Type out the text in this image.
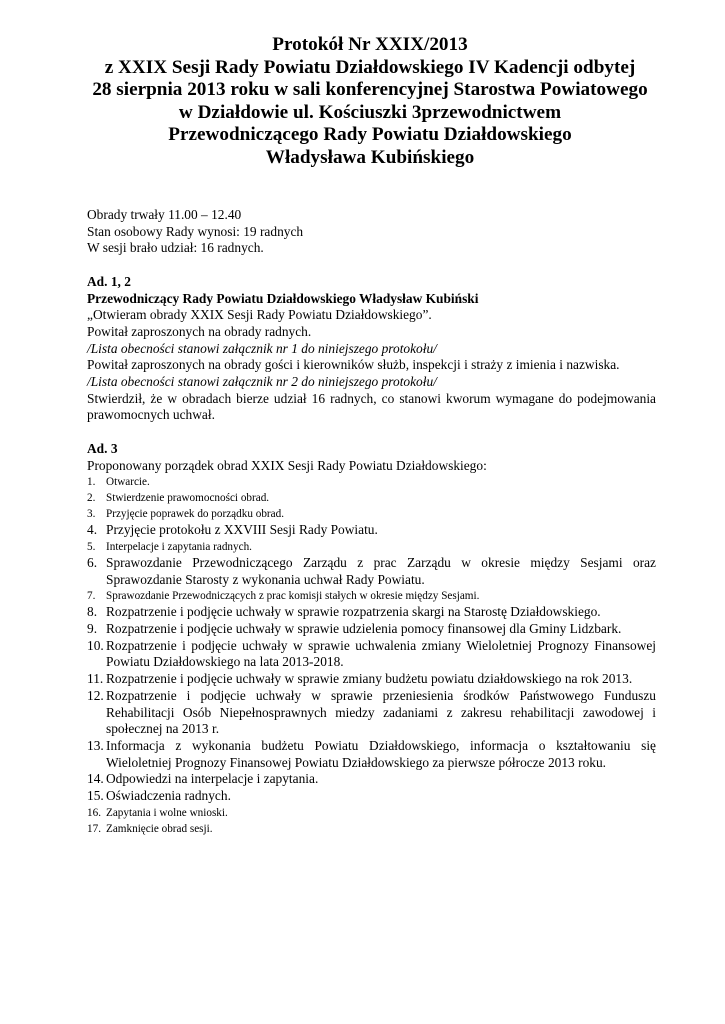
Protokół Nr XXIX/2013
z XXIX Sesji Rady Powiatu Działdowskiego IV Kadencji odbytej
28 sierpnia 2013 roku w sali konferencyjnej Starostwa Powiatowego
w Działdowie ul. Kościuszki 3przewodnictwem
Przewodniczącego Rady Powiatu Działdowskiego
Władysława Kubińskiego
Obrady trwały 11.00 – 12.40
Stan osobowy Rady wynosi: 19 radnych
W sesji brało udział: 16 radnych.
Ad. 1, 2
Przewodniczący Rady Powiatu Działdowskiego Władysław Kubiński
„Otwieram obrady XXIX Sesji Rady Powiatu Działdowskiego”.
Powitał zaproszonych na obrady radnych.
/Lista obecności stanowi załącznik nr 1 do niniejszego protokołu/
Powitał zaproszonych na obrady gości i kierowników służb, inspekcji i straży z imienia i nazwiska.
/Lista obecności stanowi załącznik nr 2 do niniejszego protokołu/
Stwierdził, że w obradach bierze udział 16 radnych, co stanowi kworum wymagane do podejmowania prawomocnych uchwał.
Ad. 3
Proponowany porządek obrad XXIX Sesji Rady Powiatu Działdowskiego:
1. Otwarcie.
2. Stwierdzenie prawomocności obrad.
3. Przyjęcie poprawek do porządku obrad.
4. Przyjęcie protokołu z XXVIII Sesji Rady Powiatu.
5. Interpelacje i zapytania radnych.
6. Sprawozdanie Przewodniczącego Zarządu z prac Zarządu w okresie między Sesjami oraz Sprawozdanie Starosty z wykonania uchwał Rady Powiatu.
7. Sprawozdanie Przewodniczących z prac komisji stałych w okresie między Sesjami.
8. Rozpatrzenie i podjęcie uchwały w sprawie rozpatrzenia skargi na Starostę Działdowskiego.
9. Rozpatrzenie i podjęcie uchwały w sprawie udzielenia pomocy finansowej dla Gminy Lidzbark.
10. Rozpatrzenie i podjęcie uchwały w sprawie uchwalenia zmiany Wieloletniej Prognozy Finansowej Powiatu Działdowskiego na lata 2013-2018.
11. Rozpatrzenie i podjęcie uchwały w sprawie zmiany budżetu powiatu działdowskiego na rok 2013.
12. Rozpatrzenie i podjęcie uchwały w sprawie przeniesienia środków Państwowego Funduszu Rehabilitacji Osób Niepełnosprawnych miedzy zadaniami z zakresu rehabilitacji zawodowej i społecznej na 2013 r.
13. Informacja z wykonania budżetu Powiatu Działdowskiego, informacja o kształtowaniu się Wieloletniej Prognozy Finansowej Powiatu Działdowskiego za pierwsze półrocze 2013 roku.
14. Odpowiedzi na interpelacje i zapytania.
15. Oświadczenia radnych.
16. Zapytania i wolne wnioski.
17. Zamknięcie obrad sesji.
